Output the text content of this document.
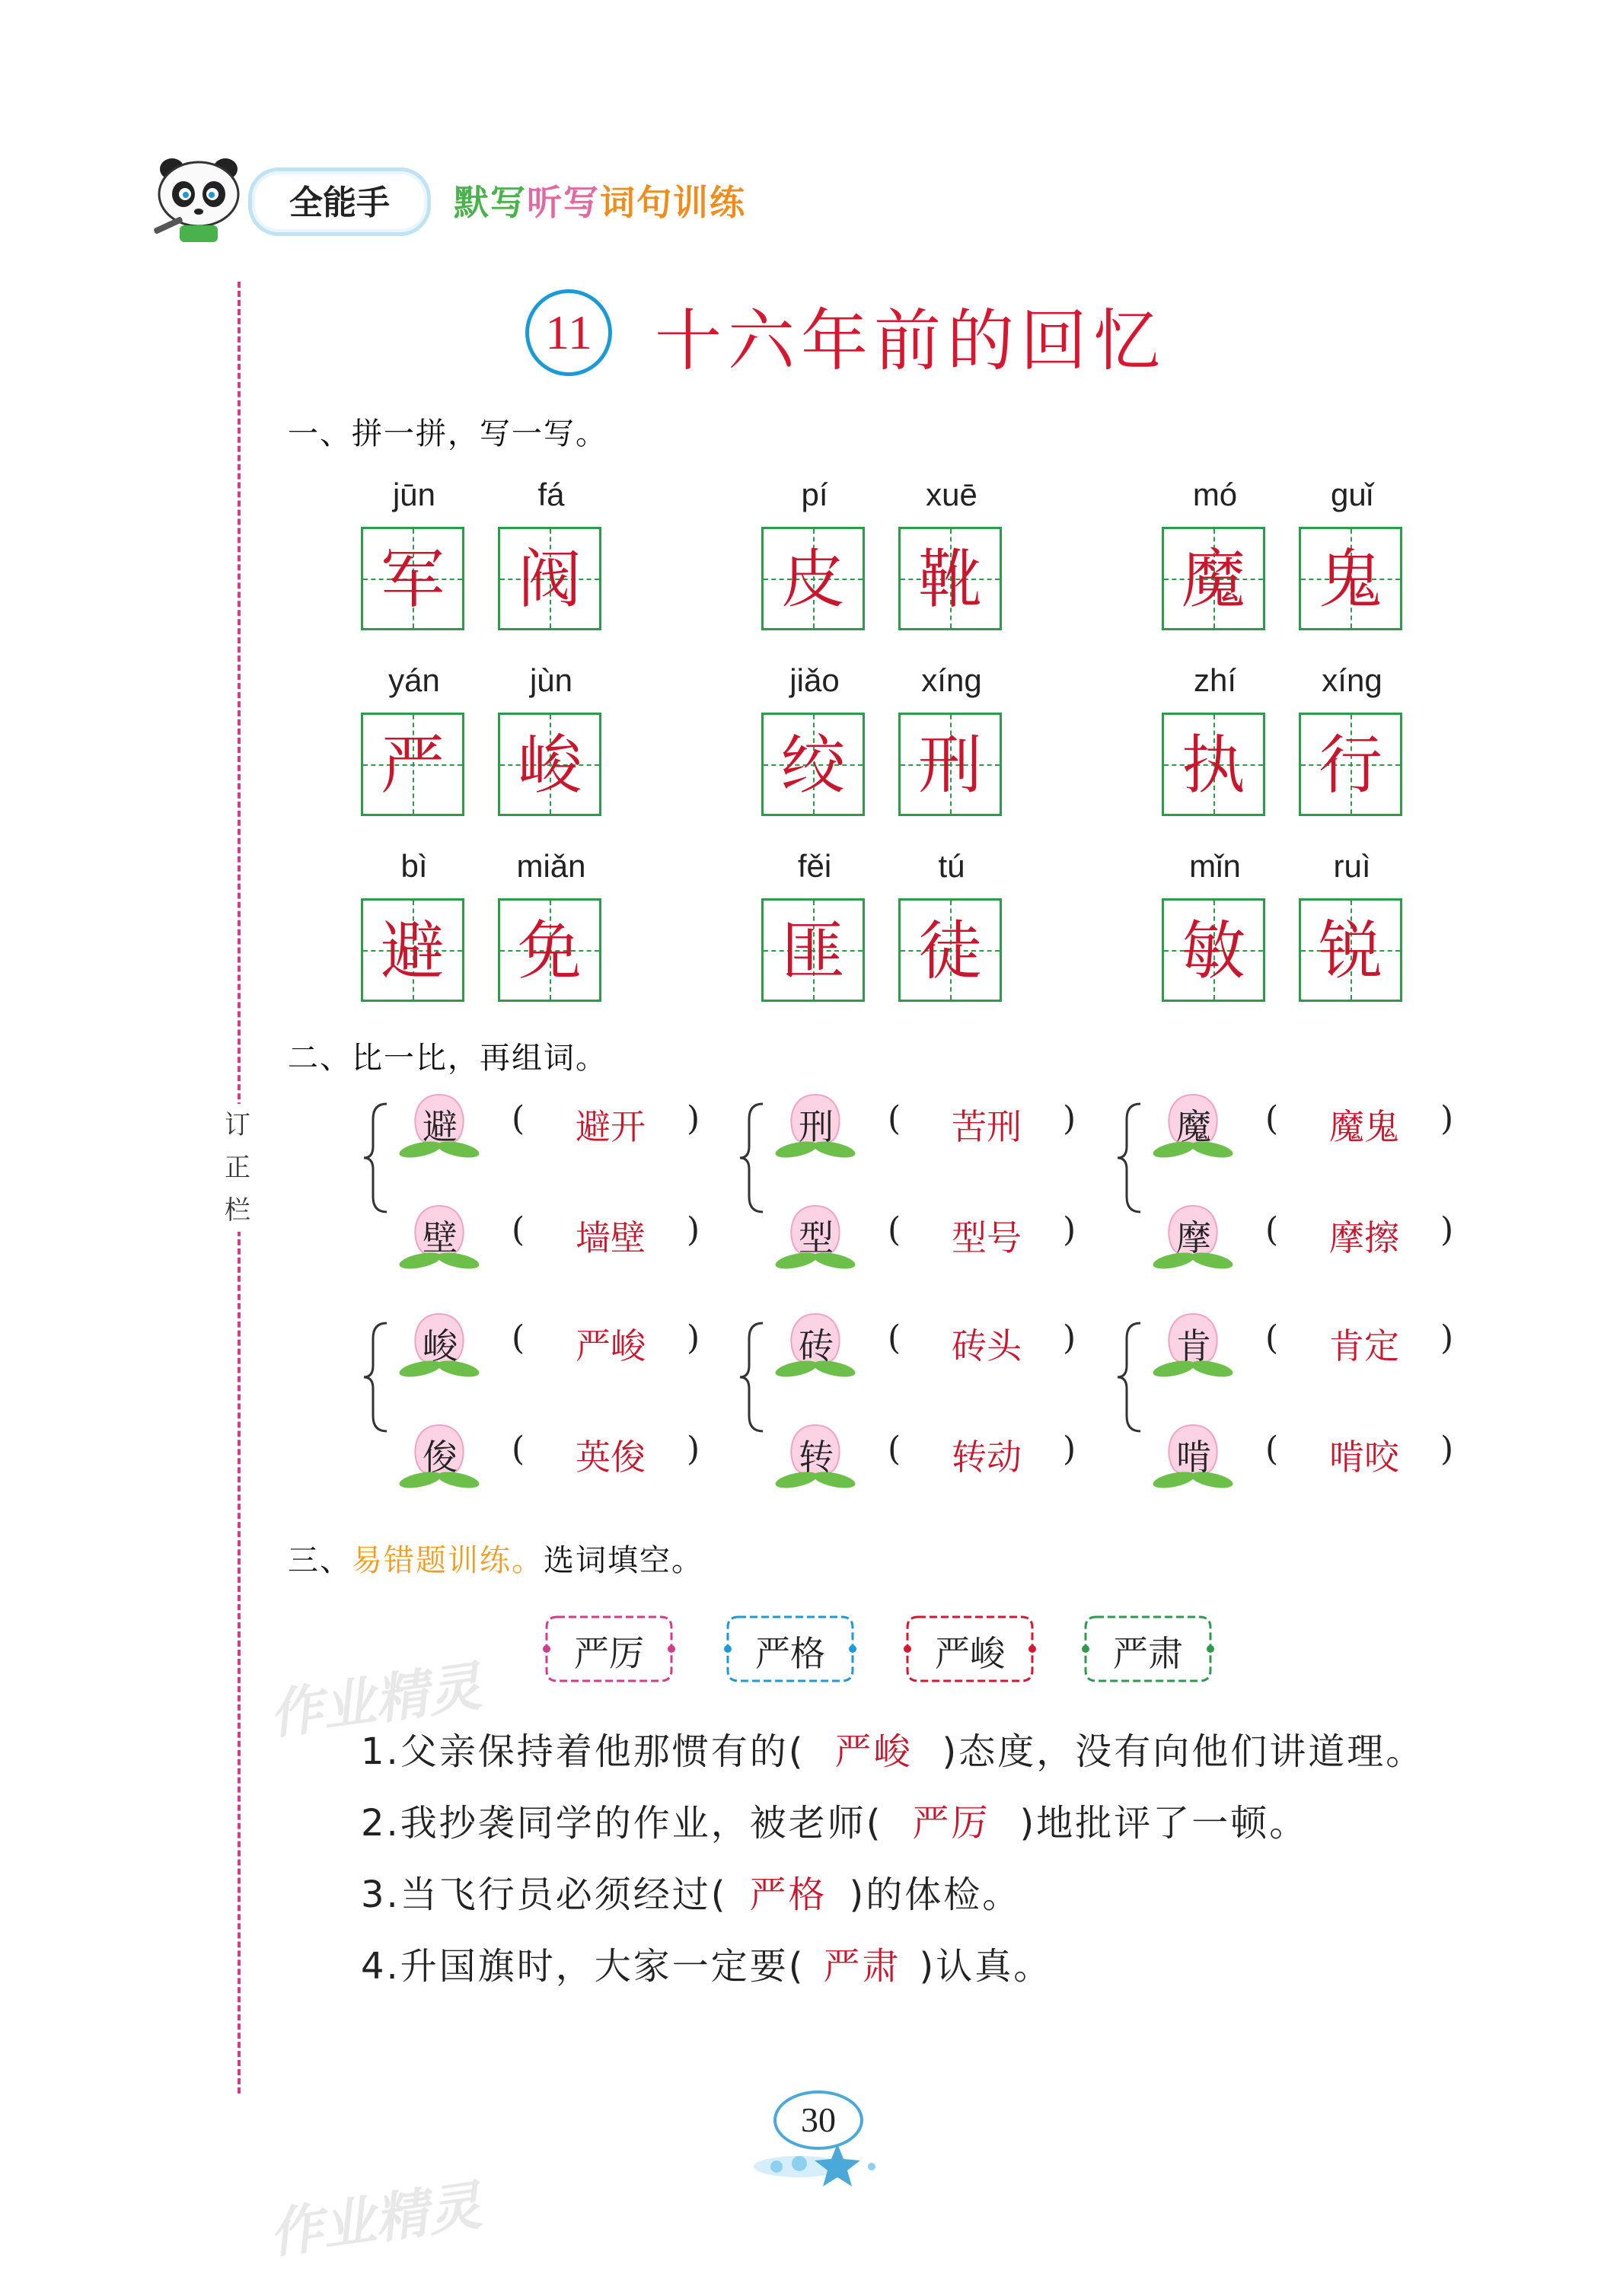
全能手	默写听写词句训练
订正栏
11 十六年前的回忆
一、拼一拼，写一写。
jūn
军
fá
阀
pí
皮
xuē
靴
mó
魔
guǐ
鬼
yán
严
jùn
峻
jiǎo
绞
xíng
刑
zhí
执
xíng
行
bì
避
miǎn
免
fěi
匪
tú
徒
mǐn
敏
ruì
锐
二、比一比，再组词。
避 (	避开	)
壁 (	墙壁	)
刑 (	苦刑	)
型 (	型号	)
魔 (	魔鬼	)
摩 (	摩擦	)
峻 (	严峻	)
俊 (	英俊	)
砖 (	砖头	)
转 (	转动	)
肯 (	肯定	)
啃 (	啃咬	)
三、易错题训练。选词填空。
严厉	严格	严峻	严肃
1.父亲保持着他那惯有的( 严峻 )态度，没有向他们讲道理。
2.我抄袭同学的作业，被老师( 严厉 )地批评了一顿。
3.当飞行员必须经过( 严格 )的体检。
4.升国旗时，大家一定要( 严肃 )认真。
作业精灵
作业精灵
30
